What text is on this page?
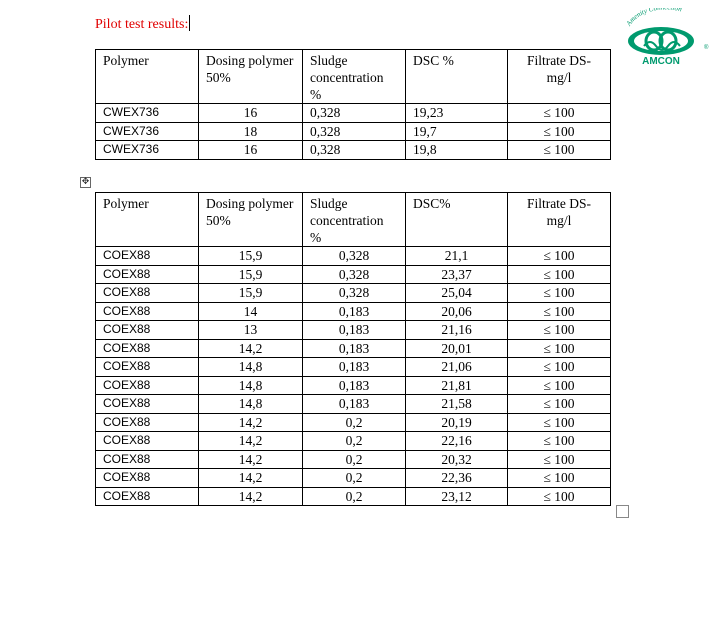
Pilot test results:	Amenity Co on
AMCON
®
Polymer	Dosing polymer 50%	Sludge concentration %	DSC %	Filtrate DS-mg/l
CWEX736	16	0,328	19,23	≤ 100
CWEX736	18	0,328	19,7	≤ 100
CWEX736	16	0,328	19,8	≤ 100
✥
Polymer	Dosing polymer 50%	Sludge concentration %	DSC%	Filtrate DS-mg/l
COEX88	15,9	0,328	21,1	≤ 100
COEX88	15,9	0,328	23,37	≤ 100
COEX88	15,9	0,328	25,04	≤ 100
COEX88	14	0,183	20,06	≤ 100
COEX88	13	0,183	21,16	≤ 100
COEX88	14,2	0,183	20,01	≤ 100
COEX88	14,8	0,183	21,06	≤ 100
COEX88	14,8	0,183	21,81	≤ 100
COEX88	14,8	0,183	21,58	≤ 100
COEX88	14,2	0,2	20,19	≤ 100
COEX88	14,2	0,2	22,16	≤ 100
COEX88	14,2	0,2	20,32	≤ 100
COEX88	14,2	0,2	22,36	≤ 100
COEX88	14,2	0,2	23,12	≤ 100
